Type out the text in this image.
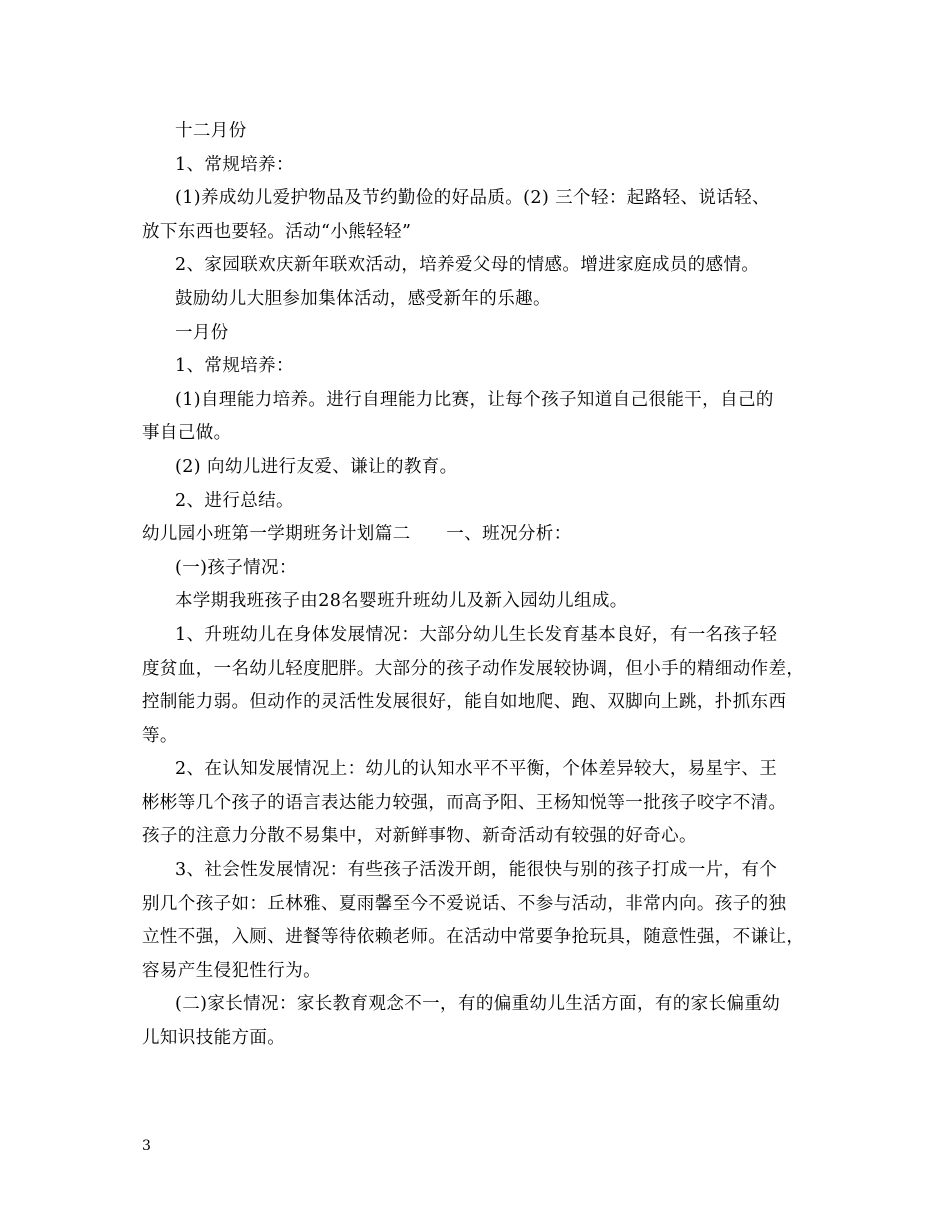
十二月份
1、常规培养：
(1)养成幼儿爱护物品及节约勤俭的好品质。(2) 三个轻：起路轻、说话轻、
放下东西也要轻。活动“小熊轻轻”
2、家园联欢庆新年联欢活动，培养爱父母的情感。增进家庭成员的感情。
鼓励幼儿大胆参加集体活动，感受新年的乐趣。
一月份
1、常规培养：
(1)自理能力培养。进行自理能力比赛，让每个孩子知道自己很能干，自己的
事自己做。
(2) 向幼儿进行友爱、谦让的教育。
2、进行总结。
幼儿园小班第一学期班务计划篇二　　一、班况分析：
(一)孩子情况：
本学期我班孩子由28名婴班升班幼儿及新入园幼儿组成。
1、升班幼儿在身体发展情况：大部分幼儿生长发育基本良好，有一名孩子轻
度贫血，一名幼儿轻度肥胖。大部分的孩子动作发展较协调，但小手的精细动作差，
控制能力弱。但动作的灵活性发展很好，能自如地爬、跑、双脚向上跳，扑抓东西
等。
2、在认知发展情况上：幼儿的认知水平不平衡，个体差异较大，易星宇、王
彬彬等几个孩子的语言表达能力较强，而高予阳、王杨知悦等一批孩子咬字不清。
孩子的注意力分散不易集中，对新鲜事物、新奇活动有较强的好奇心。
3、社会性发展情况：有些孩子活泼开朗，能很快与别的孩子打成一片，有个
别几个孩子如：丘林雅、夏雨馨至今不爱说话、不参与活动，非常内向。孩子的独
立性不强，入厕、进餐等待依赖老师。在活动中常要争抢玩具，随意性强，不谦让，
容易产生侵犯性行为。
(二)家长情况：家长教育观念不一，有的偏重幼儿生活方面，有的家长偏重幼
儿知识技能方面。
3
